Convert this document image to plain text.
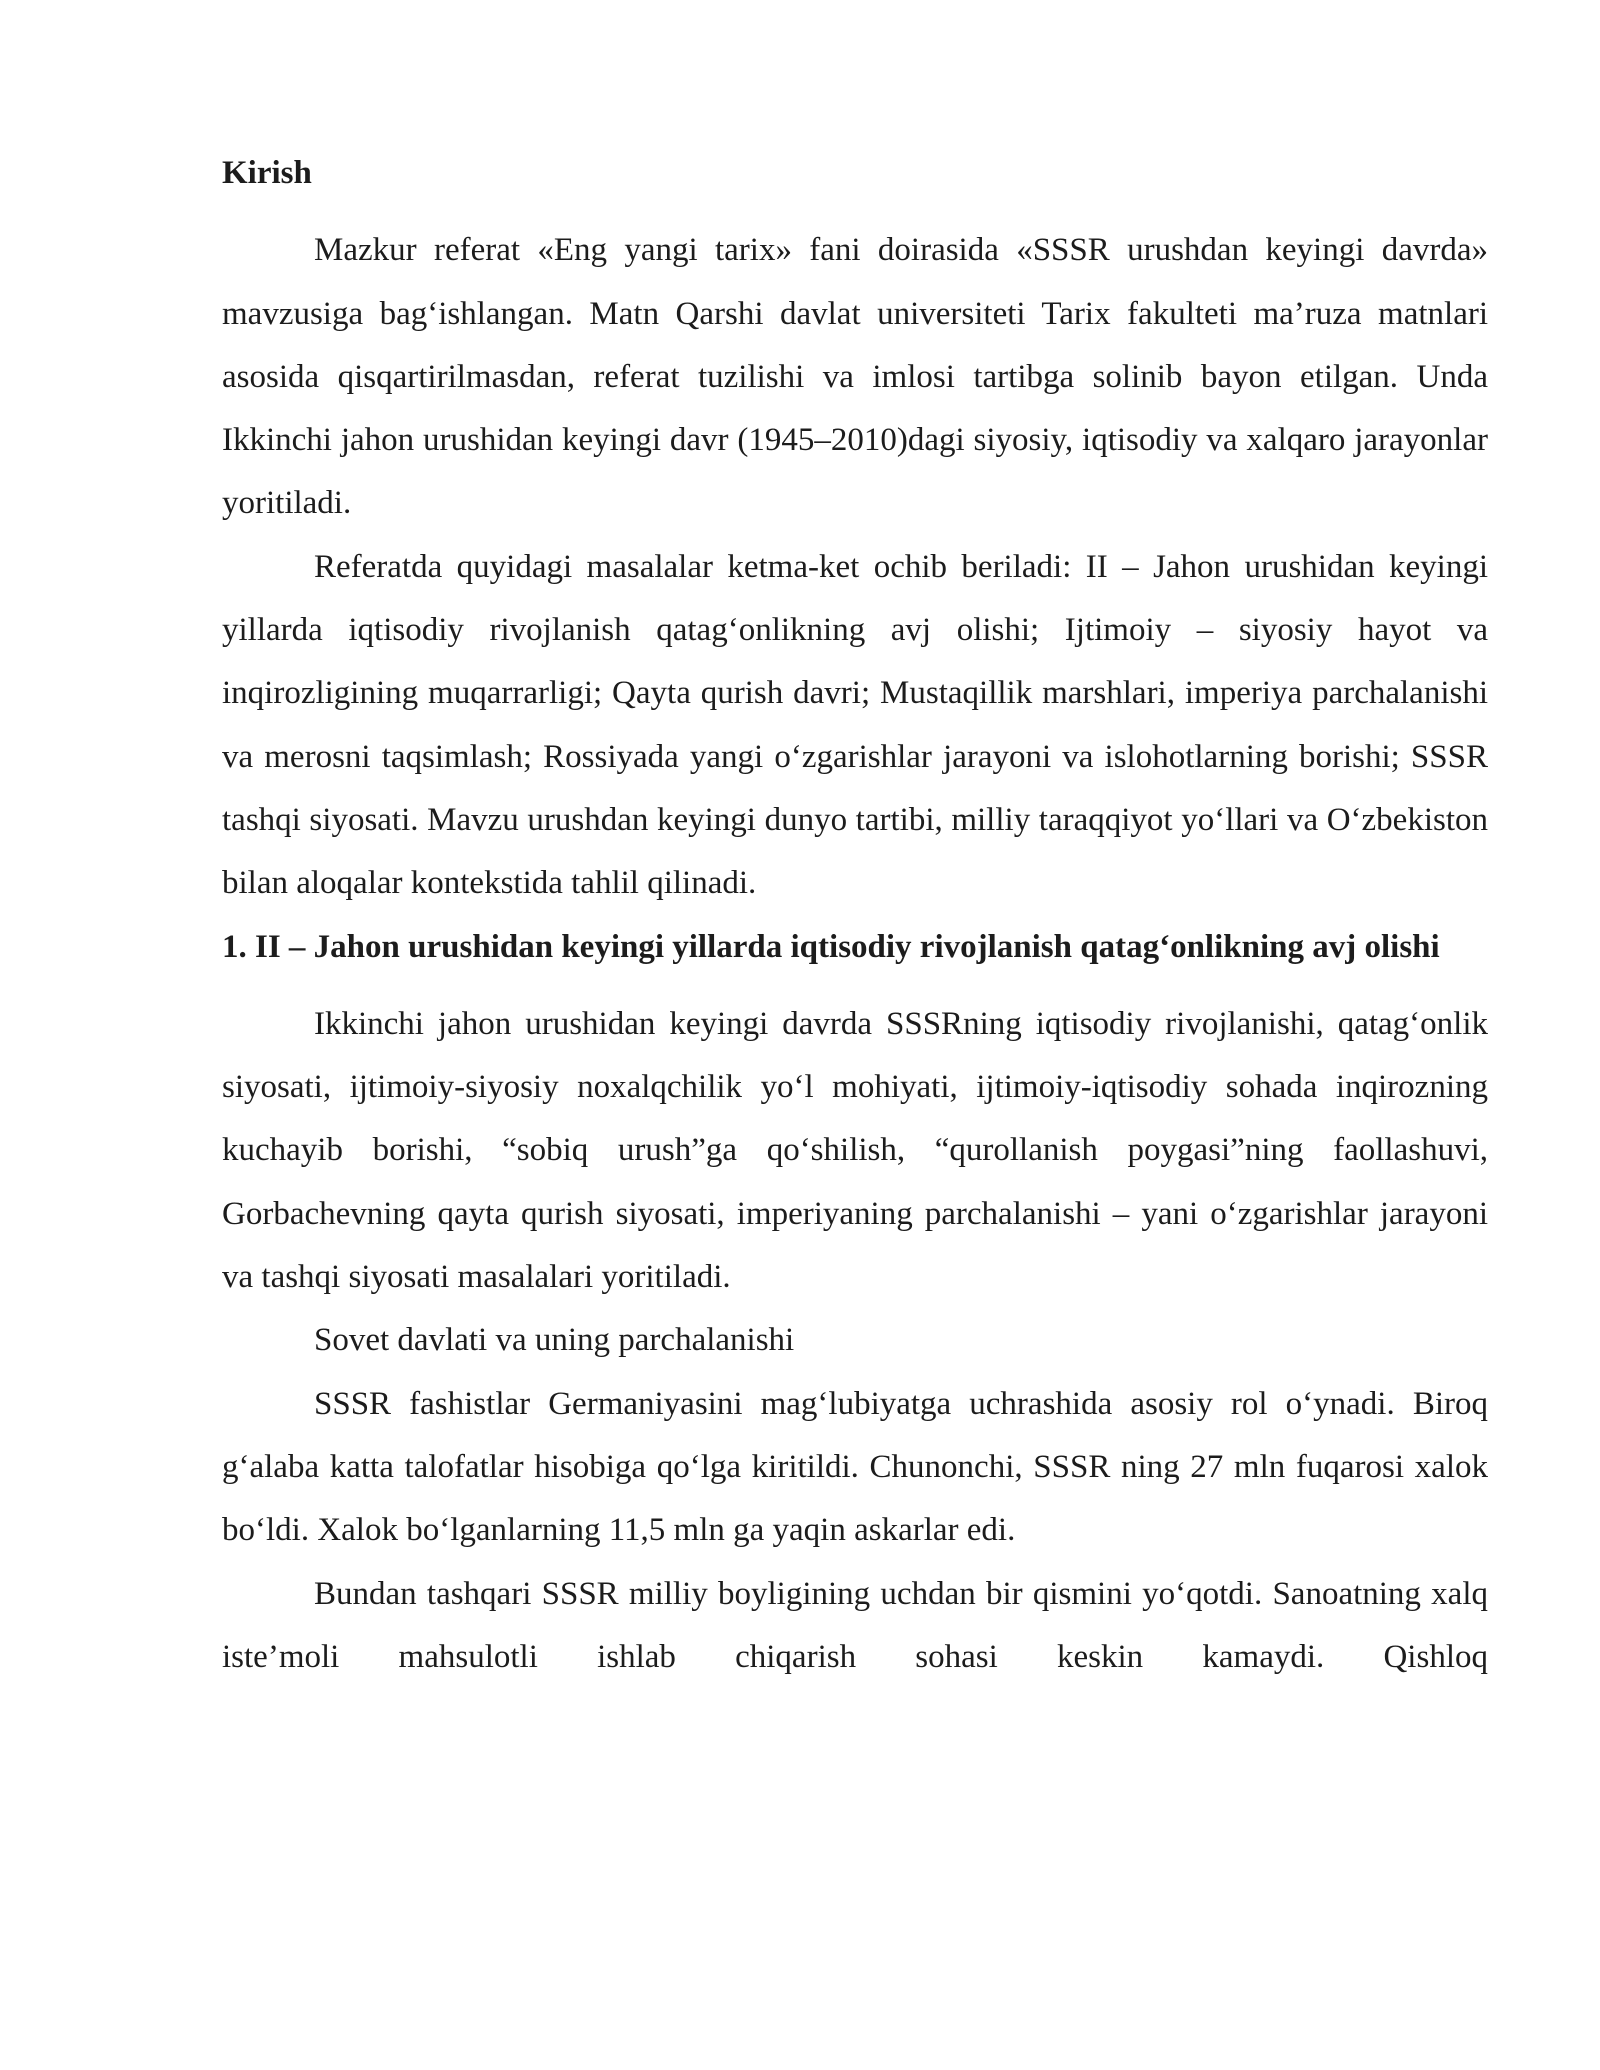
Kirish

Mazkur referat «Eng yangi tarix» fani doirasida «SSSR urushdan keyingi davrda» mavzusiga bag‘ishlangan. Matn Qarshi davlat universiteti Tarix fakulteti ma’ruza matnlari asosida qisqartirilmasdan, referat tuzilishi va imlosi tartibga solinib bayon etilgan. Unda Ikkinchi jahon urushidan keyingi davr (1945–2010)dagi siyosiy, iqtisodiy va xalqaro jarayonlar yoritiladi.

Referatda quyidagi masalalar ketma-ket ochib beriladi: II – Jahon urushidan keyingi yillarda iqtisodiy rivojlanish qatag‘onlikning avj olishi; Ijtimoiy – siyosiy hayot va inqirozligining muqarrarligi; Qayta qurish davri; Mustaqillik marshlari, imperiya parchalanishi va merosni taqsimlash; Rossiyada yangi o‘zgarishlar jarayoni va islohotlarning borishi; SSSR tashqi siyosati. Mavzu urushdan keyingi dunyo tartibi, milliy taraqqiyot yo‘llari va O‘zbekiston bilan aloqalar kontekstida tahlil qilinadi.

1. II – Jahon urushidan keyingi yillarda iqtisodiy rivojlanish qatag‘onlikning avj olishi

Ikkinchi jahon urushidan keyingi davrda SSSRning iqtisodiy rivojlanishi, qatag‘onlik siyosati, ijtimoiy-siyosiy noxalqchilik yo‘l mohiyati, ijtimoiy-iqtisodiy sohada inqirozning kuchayib borishi, “sobiq urush”ga qo‘shilish, “qurollanish poygasi”ning faollashuvi, Gorbachevning qayta qurish siyosati, imperiyaning parchalanishi – yani o‘zgarishlar jarayoni va tashqi siyosati masalalari yoritiladi.

Sovet davlati va uning parchalanishi

SSSR fashistlar Germaniyasini mag‘lubiyatga uchrashida asosiy rol o‘ynadi. Biroq g‘alaba katta talofatlar hisobiga qo‘lga kiritildi. Chunonchi, SSSR ning 27 mln fuqarosi xalok bo‘ldi. Xalok bo‘lganlarning 11,5 mln ga yaqin askarlar edi.

Bundan tashqari SSSR milliy boyligining uchdan bir qismini yo‘qotdi. Sanoatning xalq iste’moli mahsulotli ishlab chiqarish sohasi keskin kamaydi. Qishloq
